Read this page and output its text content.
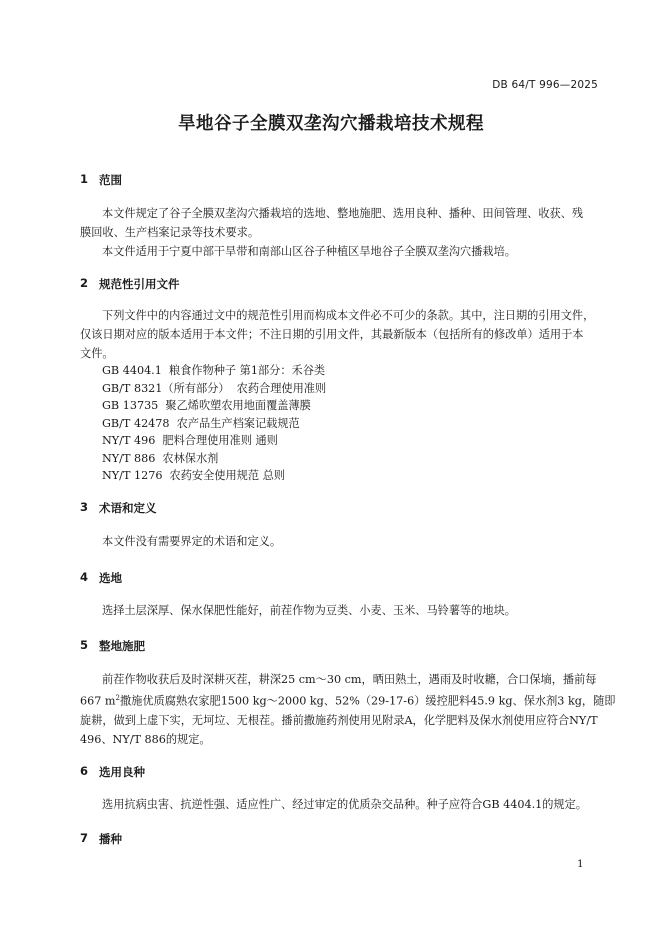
DB 64/T 996—2025
旱地谷子全膜双垄沟穴播栽培技术规程
1 范围
本文件规定了谷子全膜双垄沟穴播栽培的选地、整地施肥、选用良种、播种、田间管理、收获、残
膜回收、生产档案记录等技术要求。
本文件适用于宁夏中部干旱带和南部山区谷子种植区旱地谷子全膜双垄沟穴播栽培。
2 规范性引用文件
下列文件中的内容通过文中的规范性引用而构成本文件必不可少的条款。其中，注日期的引用文件，
仅该日期对应的版本适用于本文件；不注日期的引用文件，其最新版本（包括所有的修改单）适用于本
文件。
GB 4404.1  粮食作物种子 第1部分：禾谷类
GB/T 8321（所有部分）  农药合理使用准则
GB 13735  聚乙烯吹塑农用地面覆盖薄膜
GB/T 42478  农产品生产档案记载规范
NY/T 496  肥料合理使用准则 通则
NY/T 886  农林保水剂
NY/T 1276  农药安全使用规范 总则
3 术语和定义
本文件没有需要界定的术语和定义。
4 选地
选择土层深厚、保水保肥性能好，前茬作物为豆类、小麦、玉米、马铃薯等的地块。
5 整地施肥
前茬作物收获后及时深耕灭茬，耕深25 cm～30 cm，晒田熟土，遇雨及时收耱，合口保墒，播前每
667 $m^2$撒施优质腐熟农家肥1500 kg～2000 kg、52%（29-17-6）缓控肥料45.9 kg、保水剂3 kg，随即
旋耕，做到上虚下实，无坷垃、无根茬。播前撒施药剂使用见附录A，化学肥料及保水剂使用应符合NY/T
496、NY/T 886的规定。
6 选用良种
选用抗病虫害、抗逆性强、适应性广、经过审定的优质杂交品种。种子应符合GB 4404.1的规定。
7 播种
1
